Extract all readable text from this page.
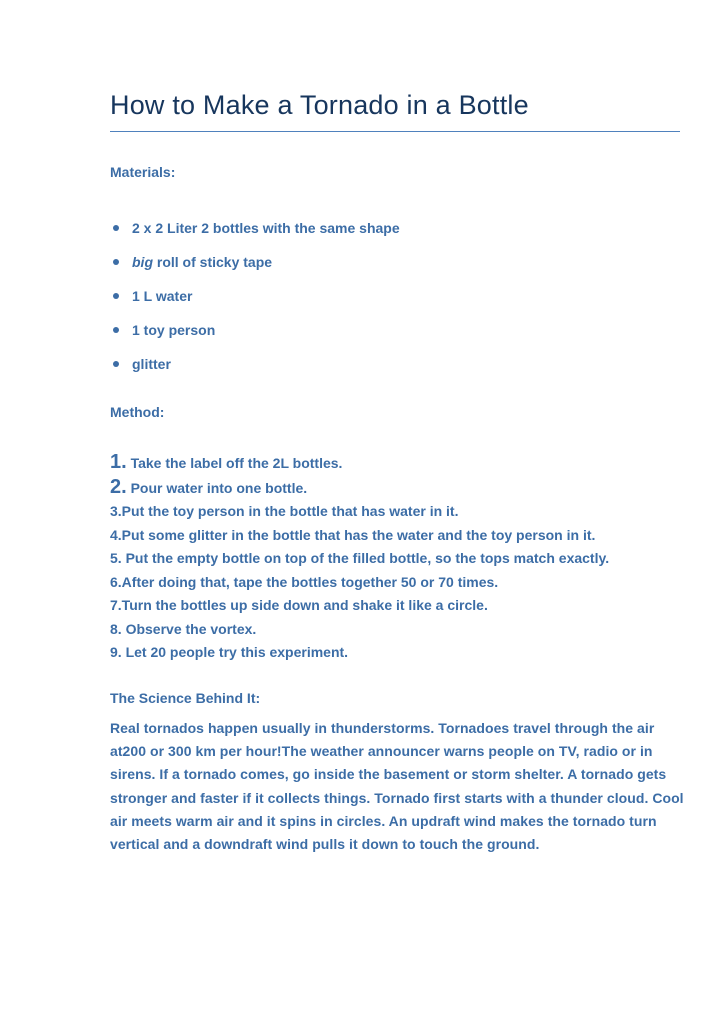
How to Make a Tornado in a Bottle
Materials:
2 x 2 Liter 2 bottles with the same shape
big roll of sticky tape
1 L water
1 toy person
glitter
Method:
1. Take the label off the 2L bottles.
2. Pour water into one bottle.
3.Put the toy person in the bottle that has water in it.
4.Put some glitter in the bottle that has the water and the toy person in it.
5. Put the empty bottle on top of the filled bottle, so the tops match exactly.
6.After doing that, tape the bottles together 50 or 70 times.
7.Turn the bottles up side down and shake it like a circle.
8. Observe the vortex.
9. Let 20 people try this experiment.
The Science Behind It:

Real tornados happen usually in thunderstorms. Tornadoes travel through the air at200 or 300 km per hour!The weather announcer warns people on TV, radio or in sirens. If a tornado comes, go inside the basement or storm shelter. A tornado gets stronger and faster if it collects things. Tornado first starts with a thunder cloud. Cool air meets warm air and it spins in circles. An updraft wind makes the tornado turn vertical and a downdraft wind pulls it down to touch the ground.
